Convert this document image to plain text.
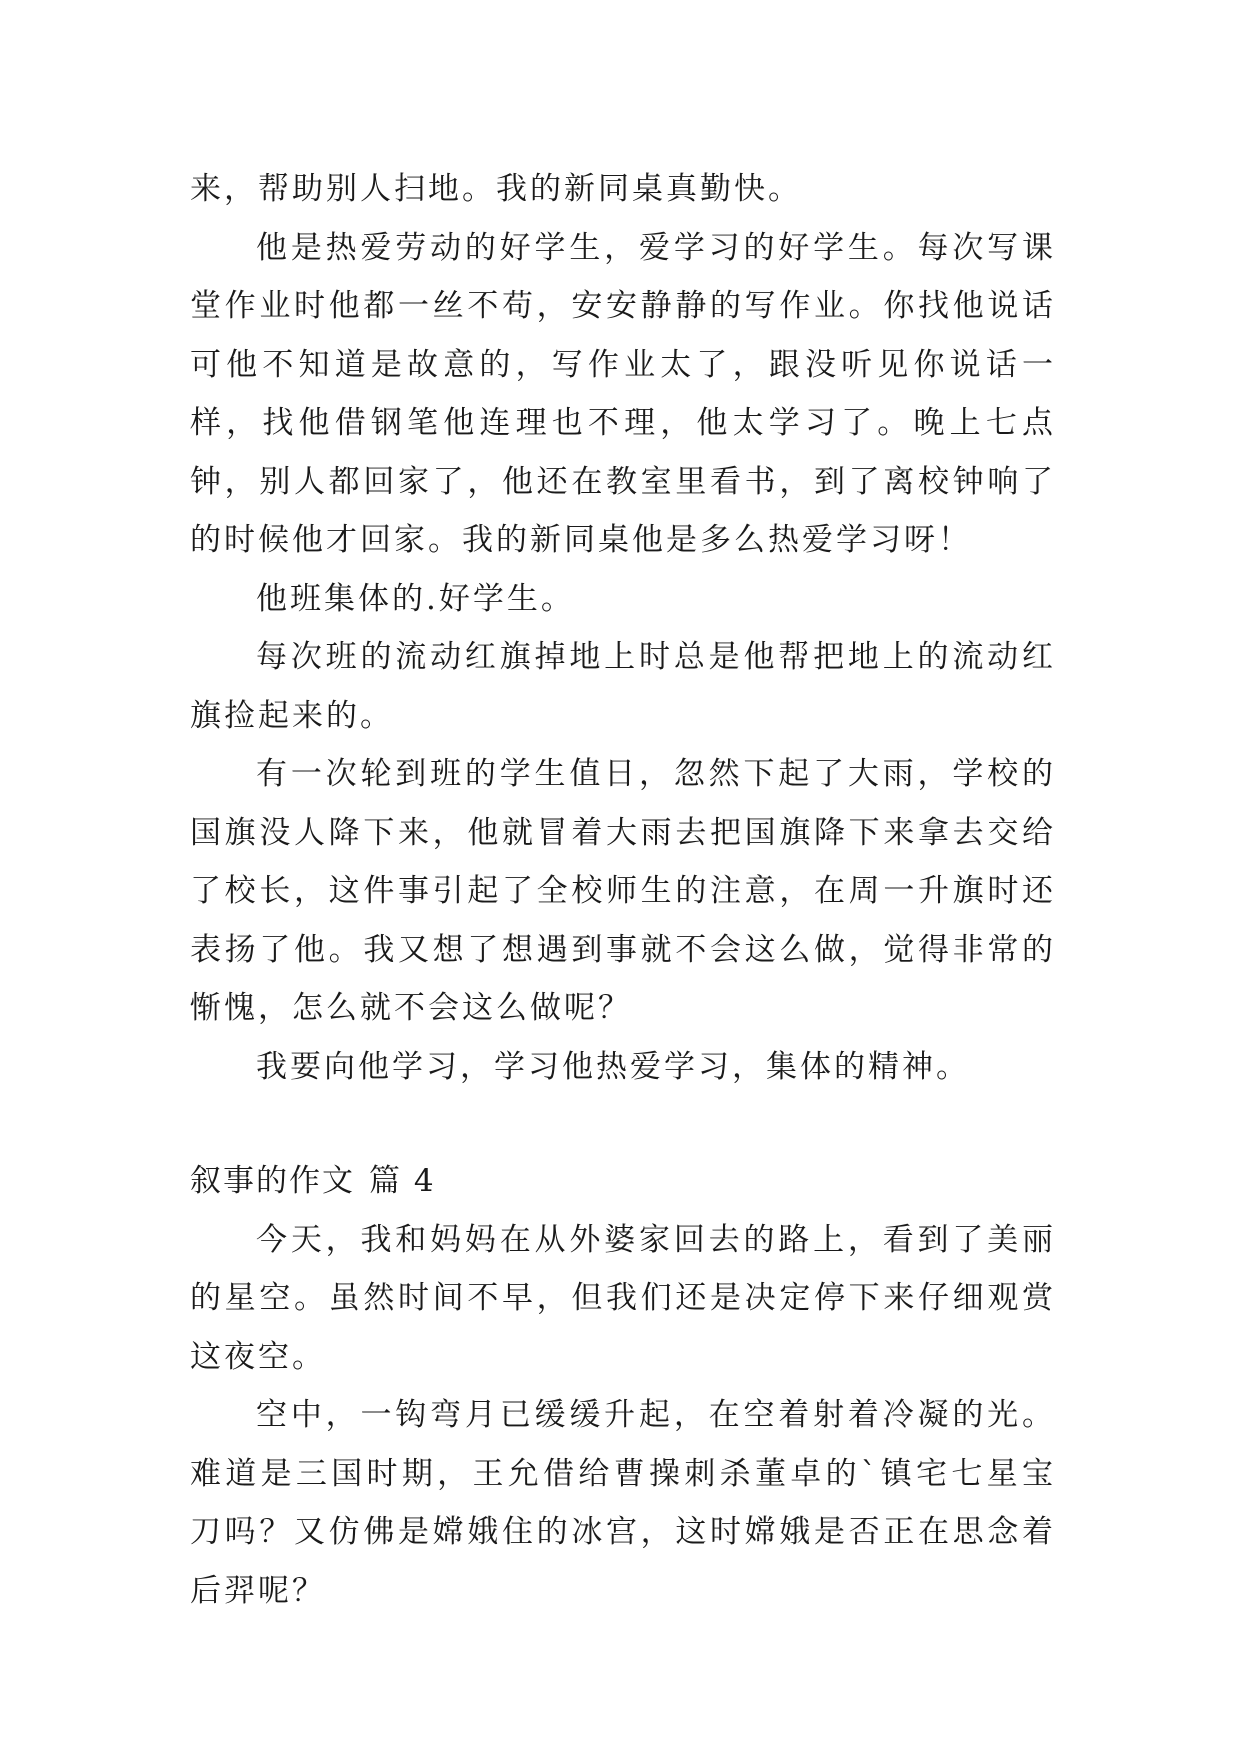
来，帮助别人扫地。我的新同桌真勤快。

他是热爱劳动的好学生，爱学习的好学生。每次写课堂作业时他都一丝不苟，安安静静的写作业。你找他说话可他不知道是故意的，写作业太了，跟没听见你说话一样，找他借钢笔他连理也不理，他太学习了。晚上七点钟，别人都回家了，他还在教室里看书，到了离校钟响了的时候他才回家。我的新同桌他是多么热爱学习呀！

他班集体的.好学生。

每次班的流动红旗掉地上时总是他帮把地上的流动红旗捡起来的。

有一次轮到班的学生值日，忽然下起了大雨，学校的国旗没人降下来，他就冒着大雨去把国旗降下来拿去交给了校长，这件事引起了全校师生的注意，在周一升旗时还表扬了他。我又想了想遇到事就不会这么做，觉得非常的惭愧，怎么就不会这么做呢？

我要向他学习，学习他热爱学习，集体的精神。

叙事的作文 篇 4

今天，我和妈妈在从外婆家回去的路上，看到了美丽的星空。虽然时间不早，但我们还是决定停下来仔细观赏这夜空。

空中，一钩弯月已缓缓升起，在空着射着冷凝的光。难道是三国时期，王允借给曹操刺杀董卓的`镇宅七星宝刀吗？又仿佛是嫦娥住的冰宫，这时嫦娥是否正在思念着后羿呢？
